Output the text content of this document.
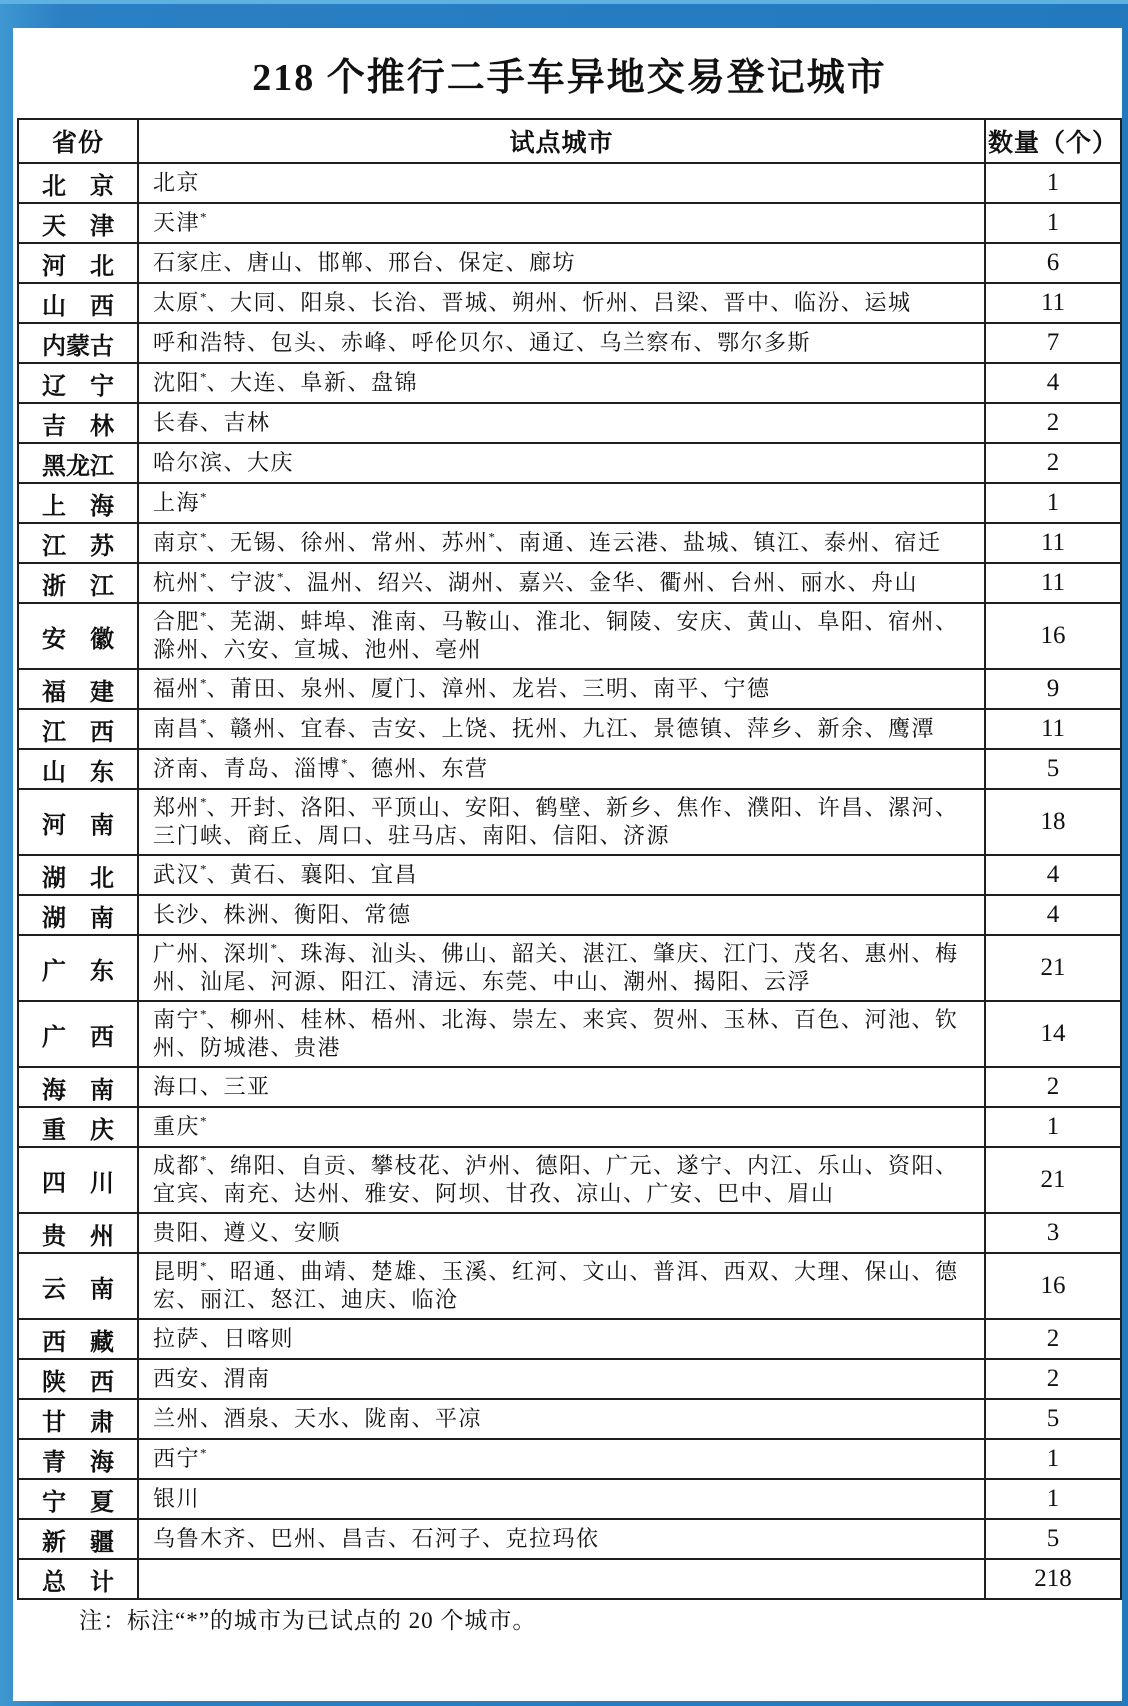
218 个推行二手车异地交易登记城市
省份	试点城市	数量（个）
北　京	北京	1
天　津	天津*	1
河　北	石家庄、唐山、邯郸、邢台、保定、廊坊	6
山　西	太原*、大同、阳泉、长治、晋城、朔州、忻州、吕梁、晋中、临汾、运城	11
内蒙古	呼和浩特、包头、赤峰、呼伦贝尔、通辽、乌兰察布、鄂尔多斯	7
辽　宁	沈阳*、大连、阜新、盘锦	4
吉　林	长春、吉林	2
黑龙江	哈尔滨、大庆	2
上　海	上海*	1
江　苏	南京*、无锡、徐州、常州、苏州*、南通、连云港、盐城、镇江、泰州、宿迁	11
浙　江	杭州*、宁波*、温州、绍兴、湖州、嘉兴、金华、衢州、台州、丽水、舟山	11
安　徽	合肥*、芜湖、蚌埠、淮南、马鞍山、淮北、铜陵、安庆、黄山、阜阳、宿州、滁州、六安、宣城、池州、亳州	16
福　建	福州*、莆田、泉州、厦门、漳州、龙岩、三明、南平、宁德	9
江　西	南昌*、赣州、宜春、吉安、上饶、抚州、九江、景德镇、萍乡、新余、鹰潭	11
山　东	济南、青岛、淄博*、德州、东营	5
河　南	郑州*、开封、洛阳、平顶山、安阳、鹤壁、新乡、焦作、濮阳、许昌、漯河、三门峡、商丘、周口、驻马店、南阳、信阳、济源	18
湖　北	武汉*、黄石、襄阳、宜昌	4
湖　南	长沙、株洲、衡阳、常德	4
广　东	广州、深圳*、珠海、汕头、佛山、韶关、湛江、肇庆、江门、茂名、惠州、梅州、汕尾、河源、阳江、清远、东莞、中山、潮州、揭阳、云浮	21
广　西	南宁*、柳州、桂林、梧州、北海、崇左、来宾、贺州、玉林、百色、河池、钦州、防城港、贵港	14
海　南	海口、三亚	2
重　庆	重庆*	1
四　川	成都*、绵阳、自贡、攀枝花、泸州、德阳、广元、遂宁、内江、乐山、资阳、宜宾、南充、达州、雅安、阿坝、甘孜、凉山、广安、巴中、眉山	21
贵　州	贵阳、遵义、安顺	3
云　南	昆明*、昭通、曲靖、楚雄、玉溪、红河、文山、普洱、西双、大理、保山、德宏、丽江、怒江、迪庆、临沧	16
西　藏	拉萨、日喀则	2
陕　西	西安、渭南	2
甘　肃	兰州、酒泉、天水、陇南、平凉	5
青　海	西宁*	1
宁　夏	银川	1
新　疆	乌鲁木齐、巴州、昌吉、石河子、克拉玛依	5
总　计		218
注：标注“*”的城市为已试点的 20 个城市。
